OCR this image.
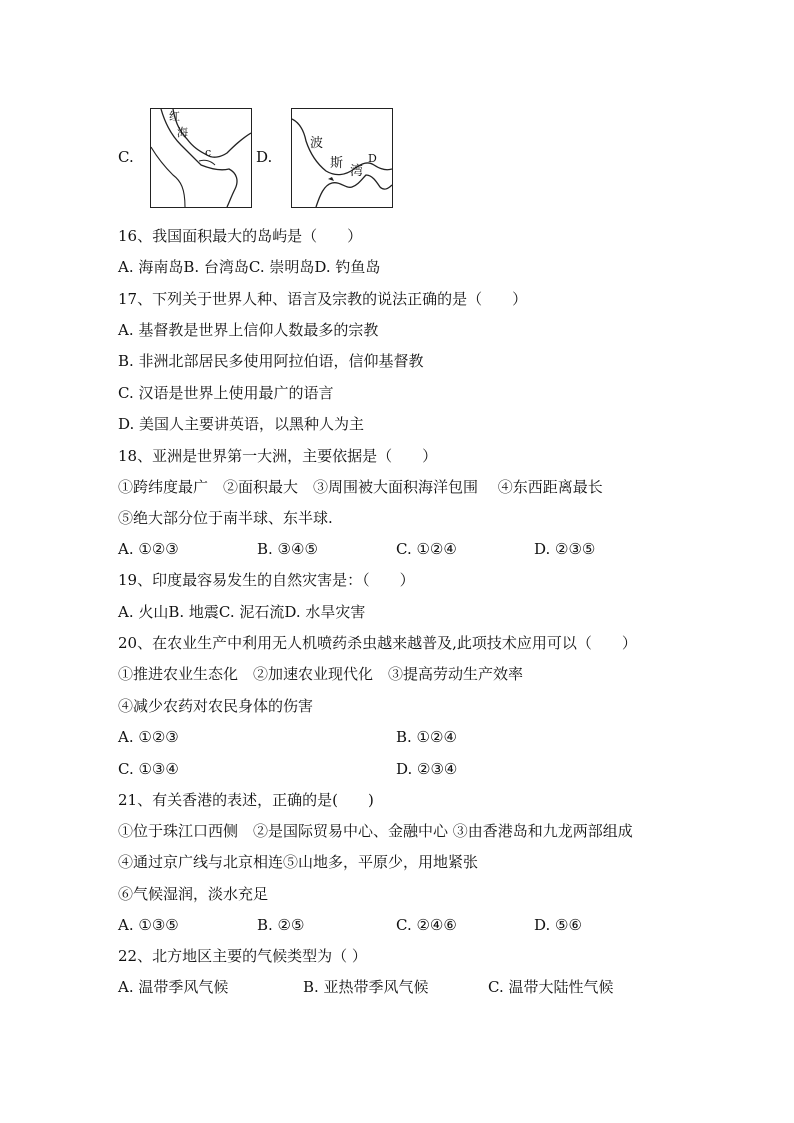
C.
红
海
c	D.
波
斯
湾
D
16、我国面积最大的岛屿是（　　）
A. 海南岛B. 台湾岛C. 崇明岛D. 钓鱼岛
17、下列关于世界人种、语言及宗教的说法正确的是（　　）
A. 基督教是世界上信仰人数最多的宗教
B. 非洲北部居民多使用阿拉伯语，信仰基督教
C. 汉语是世界上使用最广的语言
D. 美国人主要讲英语，以黑种人为主
18、亚洲是世界第一大洲，主要依据是（　　）
①跨纬度最广　②面积最大　③周围被大面积海洋包围　 ④东西距离最长
⑤绝大部分位于南半球、东半球.
A. ①②③	B. ③④⑤	C. ①②④	D. ②③⑤
19、印度最容易发生的自然灾害是：（　　）
A. 火山B. 地震C. 泥石流D. 水旱灾害
20、在农业生产中利用无人机喷药杀虫越来越普及,此项技术应用可以（　　）
①推进农业生态化　②加速农业现代化　③提高劳动生产效率
④减少农药对农民身体的伤害
A. ①②③	B. ①②④
C. ①③④	D. ②③④
21、有关香港的表述，正确的是(　　)
①位于珠江口西侧　②是国际贸易中心、金融中心 ③由香港岛和九龙两部组成
④通过京广线与北京相连⑤山地多，平原少，用地紧张
⑥气候湿润，淡水充足
A. ①③⑤	B. ②⑤	C. ②④⑥	D. ⑤⑥
22、北方地区主要的气候类型为（ ）
A. 温带季风气候	B. 亚热带季风气候	C. 温带大陆性气候
